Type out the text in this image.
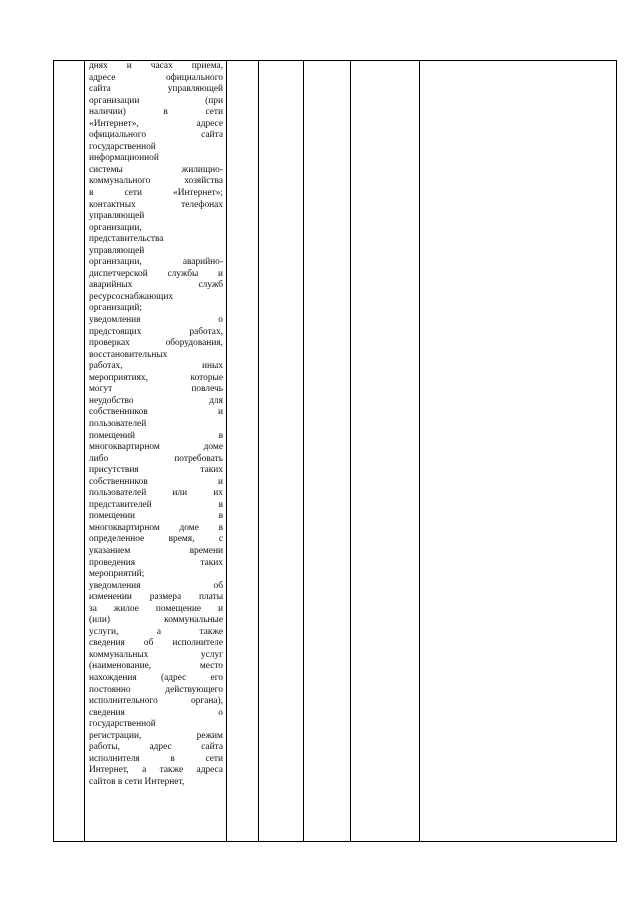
днях и часах приема,
адресе официального
сайта управляющей
организации (при
наличии) в сети
«Интернет», адресе
официального сайта
государственной
информационной
системы жилищно-
коммунального хозяйства
в сети «Интернет»;
контактных телефонах
управляющей
организации,
представительства
управляющей
организации, аварийно-
диспетчерской службы и
аварийных служб
ресурсоснабжающих
организаций;
уведомления о
предстоящих работах,
проверках оборудования,
восстановительных
работах, иных
мероприятиях, которые
могут повлечь
неудобство для
собственников и
пользователей
помещений в
многоквартирном доме
либо потребовать
присутствия таких
собственников и
пользователей или их
представителей в
помещении в
многоквартирном доме в
определенное время, с
указанием времени
проведения таких
мероприятий;
уведомления об
изменении размера платы
за жилое помещение и
(или) коммунальные
услуги, а также
сведения об исполнителе
коммунальных услуг
(наименование, место
нахождения (адрес его
постоянно действующего
исполнительного органа),
сведения о
государственной
регистрации, режим
работы, адрес сайта
исполнителя в сети
Интернет, а также адреса
сайтов в сети Интернет,
